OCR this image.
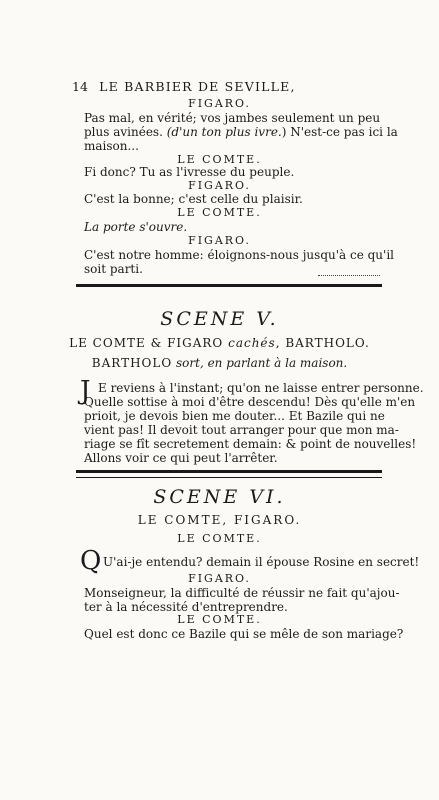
14 LE BARBIER DE SEVILLE,
FIGARO.
Pas mal, en vérité; vos jambes seulement un peu
plus avinées. (d'un ton plus ivre.) N'est-ce pas ici la
maison...
LE COMTE.
Fi donc? Tu as l'ivresse du peuple.
FIGARO.
C'est la bonne; c'est celle du plaisir.
LE COMTE.
La porte s'ouvre.
FIGARO.
C'est notre homme: éloignons-nous jusqu'à ce qu'il
soit parti.
SCENE V.
LE COMTE & FIGARO cachés, BARTHOLO.
BARTHOLO sort, en parlant à la maison.
J E reviens à l'instant; qu'on ne laisse entrer personne.
Quelle sottise à moi d'être descendu! Dès qu'elle m'en
prioit, je devois bien me douter... Et Bazile qui ne
vient pas! Il devoit tout arranger pour que mon ma-
riage se fît secretement demain: & point de nouvelles!
Allons voir ce qui peut l'arrêter.
SCENE VI.
LE COMTE, FIGARO.
LE COMTE.
Q U'ai-je entendu? demain il épouse Rosine en secret!
FIGARO.
Monseigneur, la difficulté de réussir ne fait qu'ajou-
ter à la nécessité d'entreprendre.
LE COMTE.
Quel est donc ce Bazile qui se mêle de son mariage?
